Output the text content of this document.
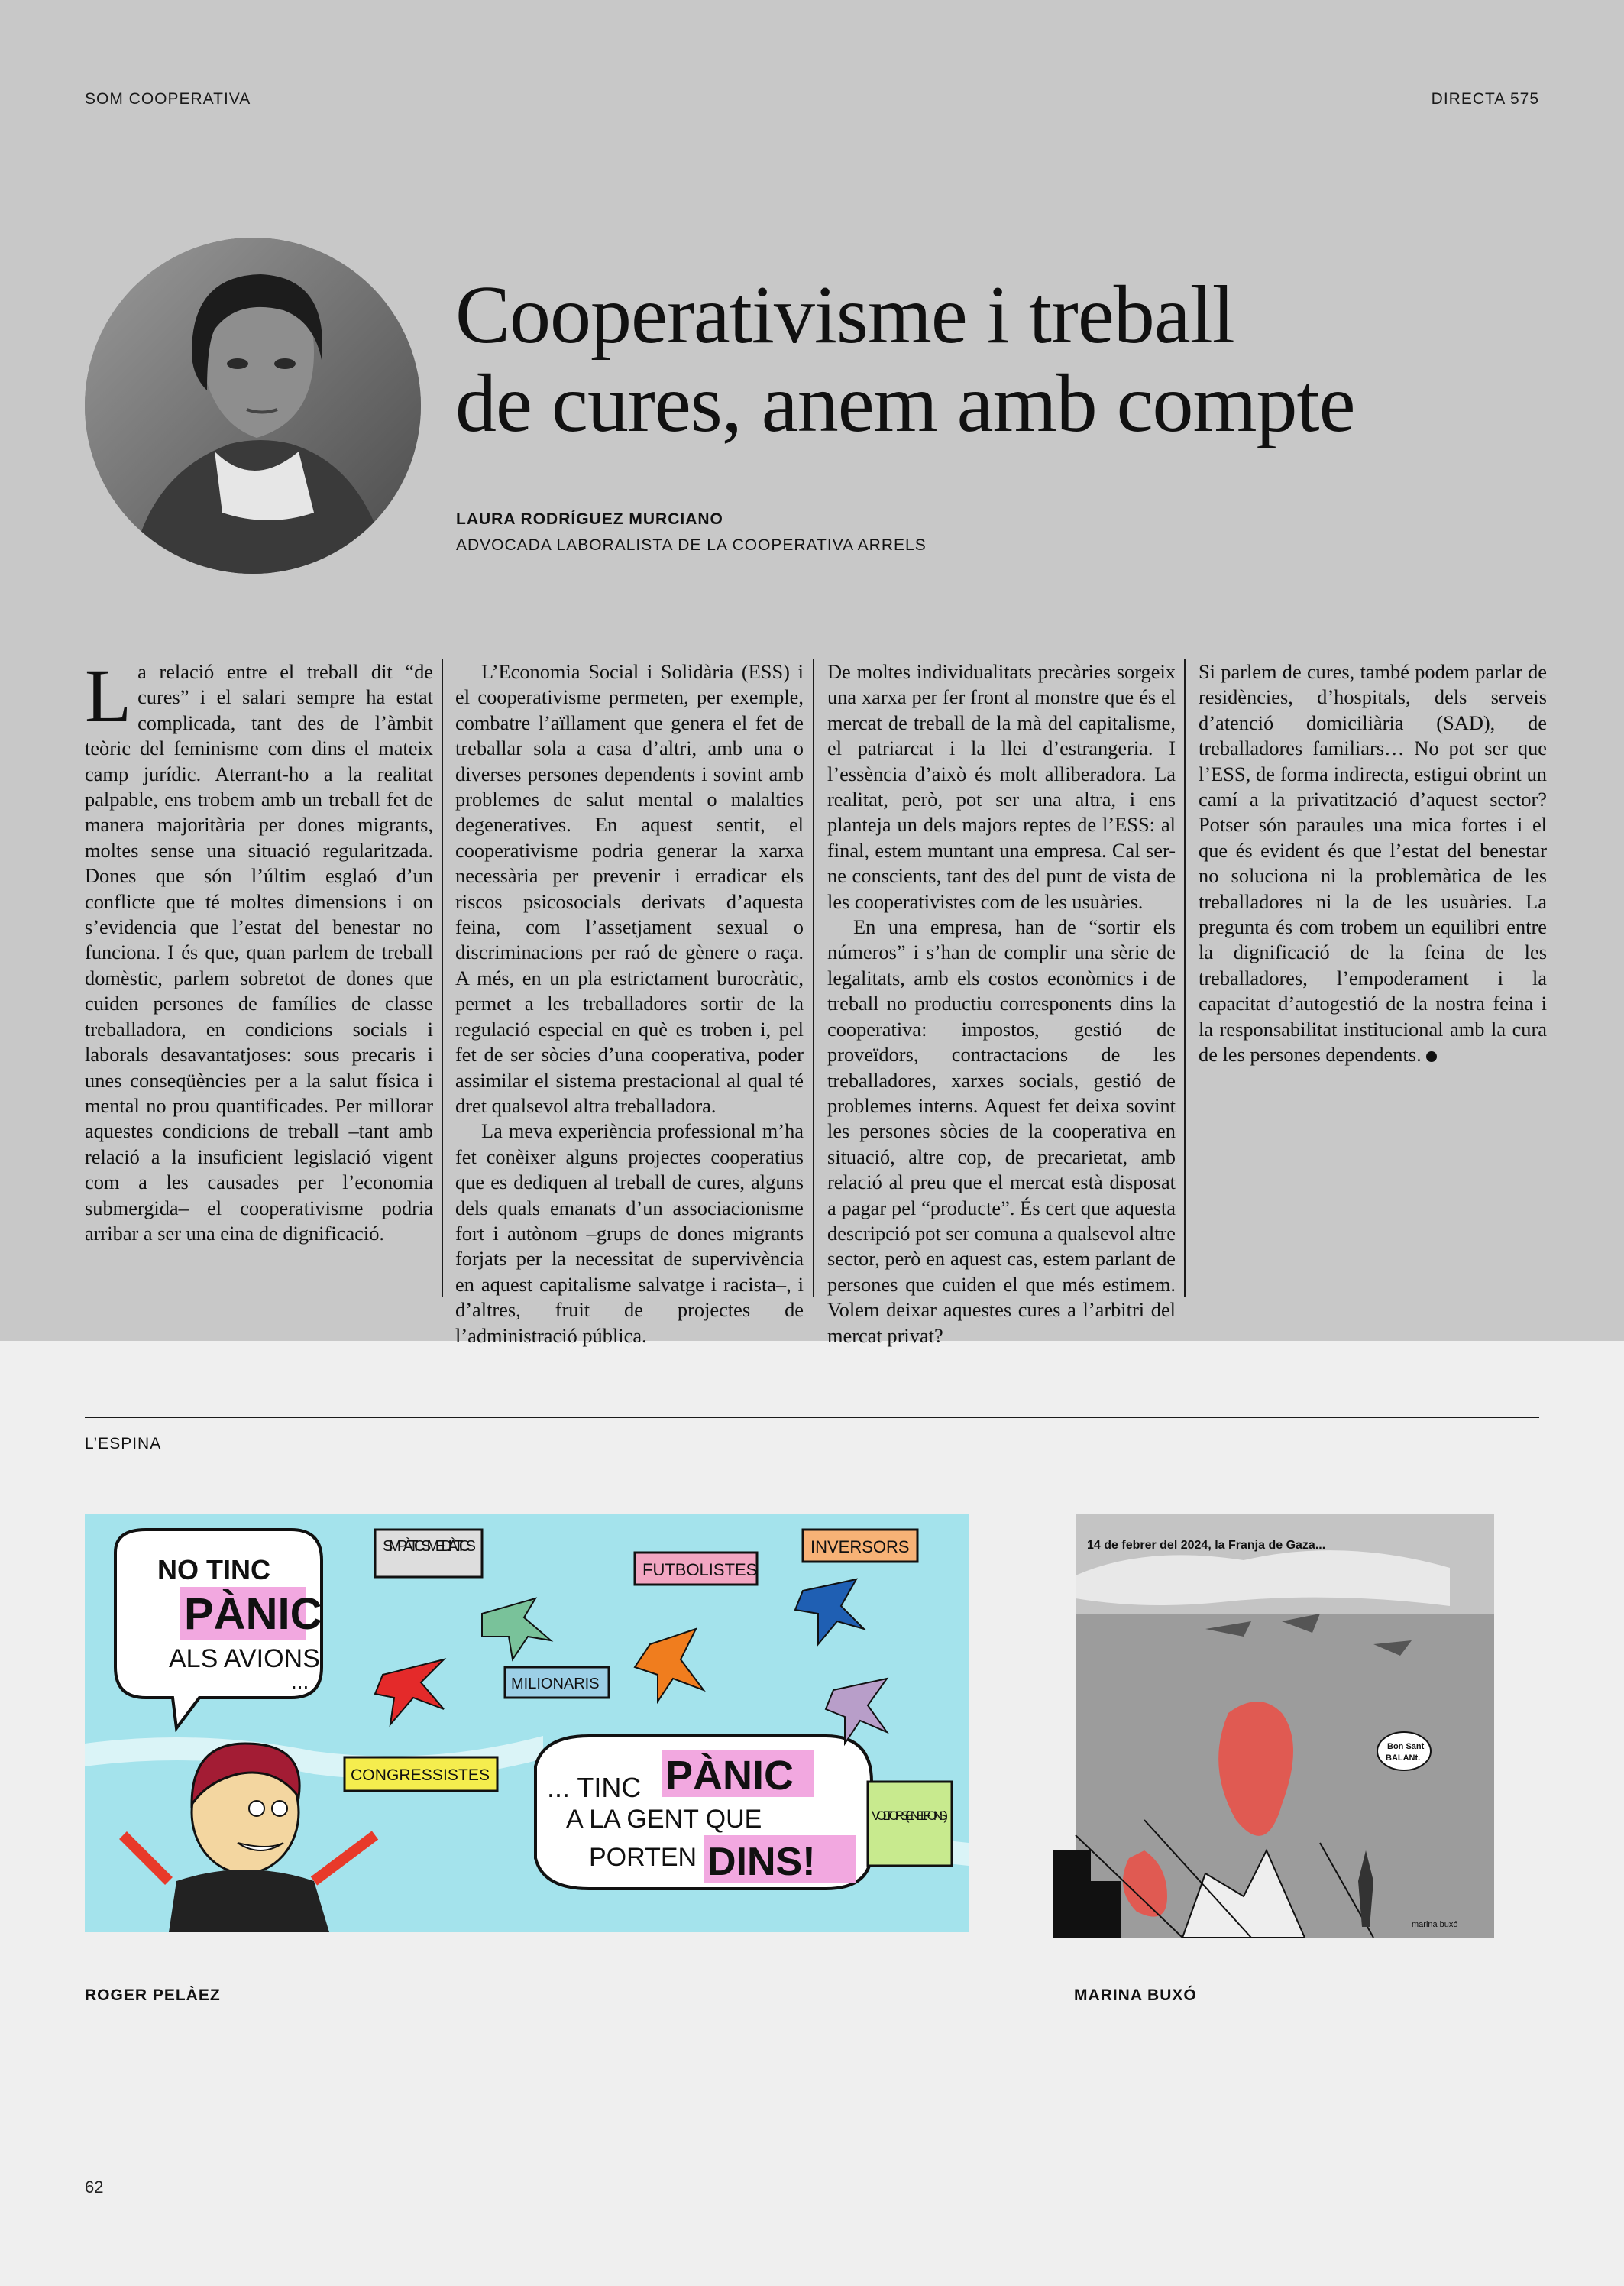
SOM COOPERATIVA	DIRECTA 575
Cooperativisme i treball
de cures, anem amb compte
LAURA RODRÍGUEZ MURCIANO
ADVOCADA LABORALISTA DE LA COOPERATIVA ARRELS

La relació entre el treball dit “de cures” i el salari sempre ha estat complicada, tant des de l’àmbit teòric del feminisme com dins el mateix camp jurídic. Aterrant-ho a la realitat palpable, ens trobem amb un treball fet de manera majoritària per dones migrants, moltes sense una situació regularitzada. Dones que són l’últim esglaó d’un conflicte que té moltes dimensions i on s’evidencia que l’estat del benestar no funciona. I és que, quan parlem de treball domèstic, parlem sobretot de dones que cuiden persones de famílies de classe treballadora, en condicions socials i laborals desavantatjoses: sous precaris i unes conseqüències per a la salut física i mental no prou quantificades. Per millorar aquestes condicions de treball –tant amb relació a la insuficient legislació vigent com a les causades per l’economia submergida– el cooperativisme podria arribar a ser una eina de dignificació.

L’Economia Social i Solidària (ESS) i el cooperativisme permeten, per exemple, combatre l’aïllament que genera el fet de treballar sola a casa d’altri, amb una o diverses persones dependents i sovint amb problemes de salut mental o malalties degeneratives. En aquest sentit, el cooperativisme podria generar la xarxa necessària per prevenir i erradicar els riscos psicosocials derivats d’aquesta feina, com l’assetjament sexual o discriminacions per raó de gènere o raça. A més, en un pla estrictament burocràtic, permet a les treballadores sortir de la regulació especial en què es troben i, pel fet de ser sòcies d’una cooperativa, poder assimilar el sistema prestacional al qual té dret qualsevol altra treballadora.

La meva experiència professional m’ha fet conèixer alguns projectes cooperatius que es dediquen al treball de cures, alguns dels quals emanats d’un associacionisme fort i autònom –grups de dones migrants forjats per la necessitat de supervivència en aquest capitalisme salvatge i racista–, i d’altres, fruit de projectes de l’administració pública.

De moltes individualitats precàries sorgeix una xarxa per fer front al monstre que és el mercat de treball de la mà del capitalisme, el patriarcat i la llei d’estrangeria. I l’essència d’això és molt alliberadora. La realitat, però, pot ser una altra, i ens planteja un dels majors reptes de l’ESS: al final, estem muntant una empresa. Cal ser-ne conscients, tant des del punt de vista de les cooperativistes com de les usuàries.

En una empresa, han de “sortir els números” i s’han de complir una sèrie de legalitats, amb els costos econòmics i de treball no productiu corresponents dins la cooperativa: impostos, gestió de proveïdors, contractacions de les treballadores, xarxes socials, gestió de problemes interns. Aquest fet deixa sovint les persones sòcies de la cooperativa en situació, altre cop, de precarietat, amb relació al preu que el mercat està disposat a pagar pel “producte”. És cert que aquesta descripció pot ser comuna a qualsevol altre sector, però en aquest cas, estem parlant de persones que cuiden el que més estimem. Volem deixar aquestes cures a l’arbitri del mercat privat?

Si parlem de cures, també podem parlar de residències, d’hospitals, dels serveis d’atenció domiciliària (SAD), de treballadores familiars… No pot ser que l’ESS, de forma indirecta, estigui obrint un camí a la privatització d’aquest sector? Potser són paraules una mica fortes i el que és evident és que l’estat del benestar no soluciona ni la problemàtica de les treballadores ni la de les usuàries. La pregunta és com trobem un equilibri entre la dignificació de la feina de les treballadores, l’empoderament i la capacitat d’autogestió de la nostra feina i la responsabilitat institucional amb la cura de les persones dependents.

L’ESPINA
NO TINC
PÀNIC
ALS AVIONS
...
... TINC PÀNIC
A LA GENT QUE
PORTEN DINS!
SIMPÀTICS MEDIÀTICS
FUTBOLISTES
INVERSORS
MILIONARIS
CONGRESSISTES
VOLTORS (EN EL FONS)
14 de febrer del 2024, la Franja de Gaza...
Bon Sant
BALANt.
marina buxó
ROGER PELÀEZ	MARINA BUXÓ
62
